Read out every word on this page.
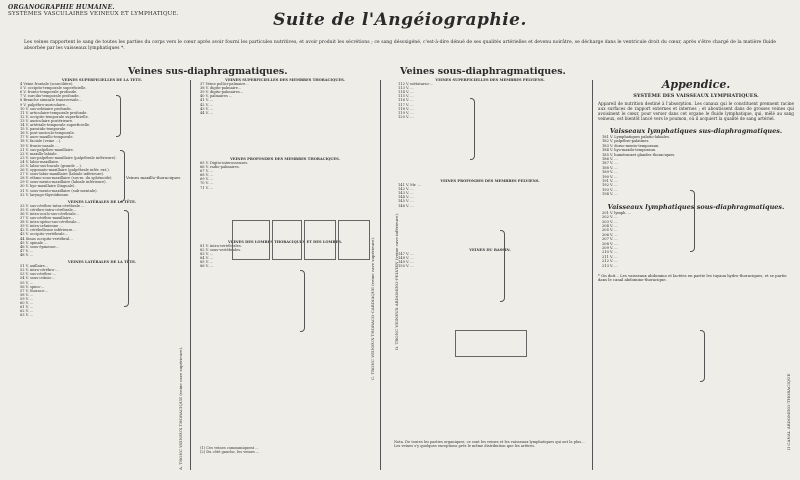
ORGANOGRAPHIE HUMAINE.
SYSTÈMES VASCULAIRES VEINEUX ET LYMPHATIQUE.	Suite de l'Angéiographie.
Les veines rapportent le sang de toutes les parties du corps vers le cœur après avoir fourni les particules nutritives, et avoir produit les sécrétions ; ce sang désoxigéné, c'est-à-dire dénué de ses qualités artérielles et devenu noirâtre, se décharge dans le ventricule droit du cœur, après s'être chargé de la matière fluide absorbée par les vaisseaux lymphatiques *.
Veines sus-diaphragmatiques.	Veines sous-diaphragmatiques.
VEINES SUPERFICIELLES DE LA TÊTE.
4 Veine frontale (sourcilière).
5 V. occipito-temporale superficielle.
6 V. fronto-temporale profonde.
7 V. surcilio-temporale profonde.
8 Branche sinusale transversale...
9 V. palpébro-auriculaire...
10 V. sus-orbitaire profonde.
11 V. articulaire-temporale profonde.
12 V. occipito-temporale superficielle.
13 V. auriculaire postérieure.
14 V. artériale-temporale superficielle.
15 V. parotido-temporale.
16 V. post-auriculo-temporale.
17 V. auro-maxillo-temporale.
18 V. faciale (veine ...).
19 V. fronto-nasale ...
21 V. sus-palpébro-maxillaire.
22 V. maxillo-labiale.
23 V. sus-palpébro-maxillaire (palpébrale inférieure).
24 V. labio-maxillaire.
25 V. labio-sus-bucale (grande ...).
26 V. zygomato-maxillaire (palpébrale infér. ext.).
27 V. sous-labio-maxillaire (labiale inférieure).
28 V. ethmo-sous-maxillaire (sus-m. du sphénoide).
29 V. sous-mento-maxillaire (labiale inférieure).
30 V. hyo-maxillaire (linguale).
31 V. sous-mento-maxillaire (sub-mentale).
32 V. laryngo-thyroïdienne.
VEINES LATÉRALES DE LA TÊTE.
33 V. sus-cérébro-intra-cérébrale ...
35 V. cérébro-intra-cérébrale...
36 V. intra-oculo-sus-cérébrale...
37 V. sus-cérébro-maxillaire...
38 V. intra-spéno-sus-cérébrale...
39 V. intra-crânienne ...
42 V. cérébelleuse inférieure...
43 V. occipito-vertébrale...
44 Sinus occipito-vertébral...
45 V. spinale ...
46 V. sous-épineuse...
47 V. ...
48 V. ...
VEINES LATÉRALES DE LA TÊTE.
51 V. axillaire...
52 V. intra-cérébro-...
53 V. sus-cérébro-...
54 V. sous-crânio-...
55 V. ...
56 V. spino-...
57 V. thoraco-...
58 V. ...
59 V. ...
60 V. ...
61 V. ...
62 V. ...
63 V. ...
Veines maxillo-thoraciques
A. TRONC VEINEUX THORACIQUE (veine cave supérieure).
VEINES SUPERFICIELLES DES MEMBRES THORACIQUES.
37 Veine pollici-palmaire...
38 V. digito-palmaire...
39 V. digito-palmaires...
40 V. palmaires ...
41 V. ...
42 V. ...
43 V. ...
44 V. ...
VEINES PROFONDES DES MEMBRES THORACIQUES.
65 V. Digito-interosseuses.
66 V. radio-palmaires.
67 V. ...
68 V. ...
69 V. ...
70 V. ...
71 V. ...
VEINES DES LOMBES THORACIQUES ET DES LOMBES.
81 V. intra-vertébrales.
82 V. sous-vertébrales.
83 V. ...
84 V. ...
85 V. ...
86 V. ...
(1) Ces veines communiquent ...
(2) Du côté gauche, les veines ...
C. TRONC VEINEUX THORACO-CARDIAQUE (veine cave supérieure).
VEINES SUPERFICIELLES DES MEMBRES PELVIENS.
112 V. métatarso-...
113 V. ...
114 V. ...
115 V. ...
116 V. ...
117 V. ...
118 V. ...
119 V. ...
120 V. ...
VEINES PROFONDES DES MEMBRES PELVIENS.
141 V. Mr. ...
142 V. ...
143 V. ...
144 V. ...
145 V. ...
146 V. ...
VEINES DU BASSIN.
147 V. ...
148 V. ...
149 V. ...
150 V. ...
Nota. De toutes les parties organiques, ce sont les veines et les vaisseaux lymphatiques qui ont la plus...
Les veines s'y quelques exceptions près le même distribution que les artères.
D. TRONC VEINEUX ABDOMINO-PELVIEN (veine cave inférieure).
Appendice.
SYSTÈME DES VAISSEAUX LYMPHATIQUES.
Appareil de nutrition destiné à l'absorption. Les canaux qui le constituent prennent racine aux surfaces de rapport externes et internes ; et aboutissent dans de grosses veines qui avoisinent le cœur, pour verser dans cet organe le fluide lymphatique, qui, mêlé au sang veineux, est bientôt lancé vers le poumon, où il acquiert la qualité de sang artériel.
Vaisseaux lymphatiques sus-diaphragmatiques.
181 V. Lymphatiques palatio-labiales.
182 V. palpébro-palatines.
183 V. dorso-mento-temporaux.
184 V. hyo-maxilo-temporaux.
185 V. humérauxet glandes thoraciques.
186 V. ...
187 V. ...
188 V. ...
189 V. ...
190 V. ...
191 V. ...
192 V. ...
193 V. ...
194 V. ...
Vaisseaux lymphatiques sous-diaphragmatiques.
201 V. lymph. ...
202 V. ...
203 V. ...
204 V. ...
205 V. ...
206 V. ...
207 V. ...
208 V. ...
209 V. ...
210 V. ...
211 V. ...
212 V. ...
213 V. ...
* On doit... Les vaisseaux abdomino et lactées en partie les tuyaux hydro-thoraciques, et se partie dans le canal abdomino-thoracique.
II CANAL ABDOMINO-THORACIQUE
